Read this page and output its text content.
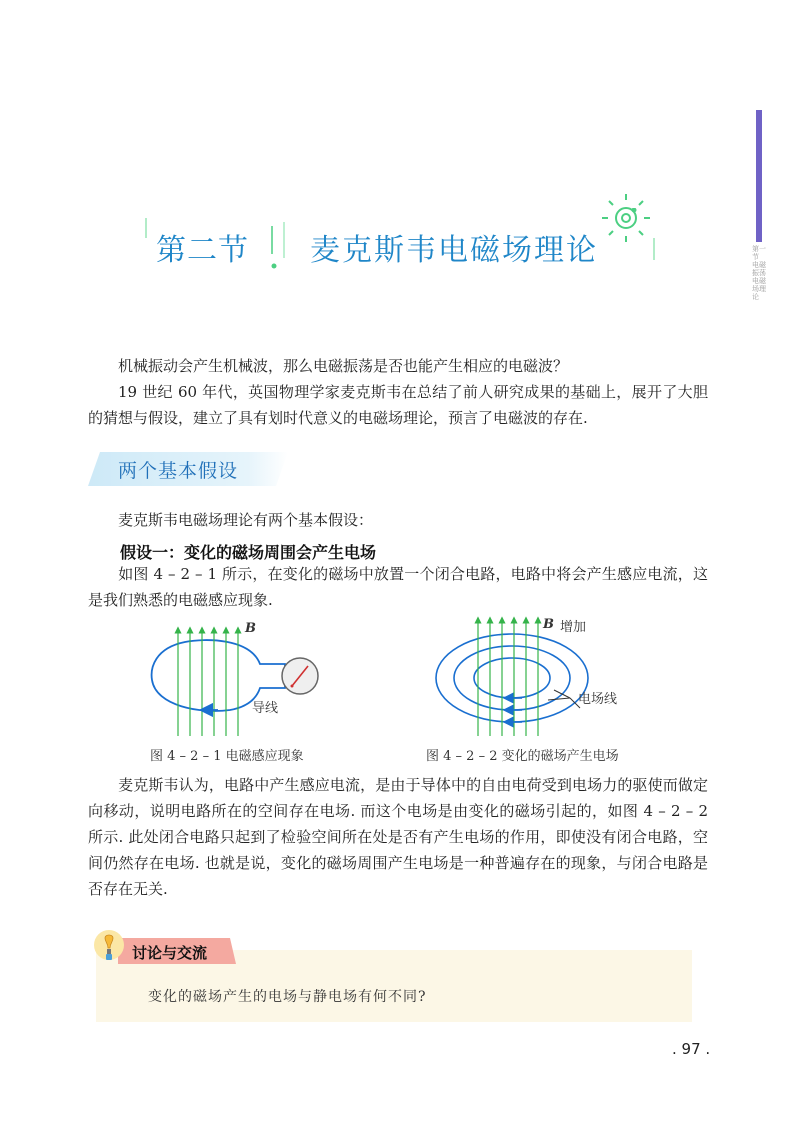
第一节 电磁振荡 电磁场理论
第二节 麦克斯韦电磁场理论
机械振动会产生机械波，那么电磁振荡是否也能产生相应的电磁波？
19 世纪 60 年代，英国物理学家麦克斯韦在总结了前人研究成果的基础上，展开了大胆的猜想与假设，建立了具有划时代意义的电磁场理论，预言了电磁波的存在.
两个基本假设
麦克斯韦电磁场理论有两个基本假设：
假设一：变化的磁场周围会产生电场
如图 4 – 2 – 1 所示，在变化的磁场中放置一个闭合电路，电路中将会产生感应电流，这是我们熟悉的电磁感应现象.
B
导线
图 4 – 2 – 1 电磁感应现象
B 增加
电场线
图 4 – 2 – 2 变化的磁场产生电场
麦克斯韦认为，电路中产生感应电流，是由于导体中的自由电荷受到电场力的驱使而做定向移动，说明电路所在的空间存在电场. 而这个电场是由变化的磁场引起的，如图 4 – 2 – 2 所示. 此处闭合电路只起到了检验空间所在处是否有产生电场的作用，即使没有闭合电路，空间仍然存在电场. 也就是说，变化的磁场周围产生电场是一种普遍存在的现象，与闭合电路是否存在无关.
讨论与交流
变化的磁场产生的电场与静电场有何不同?
. 97 .
